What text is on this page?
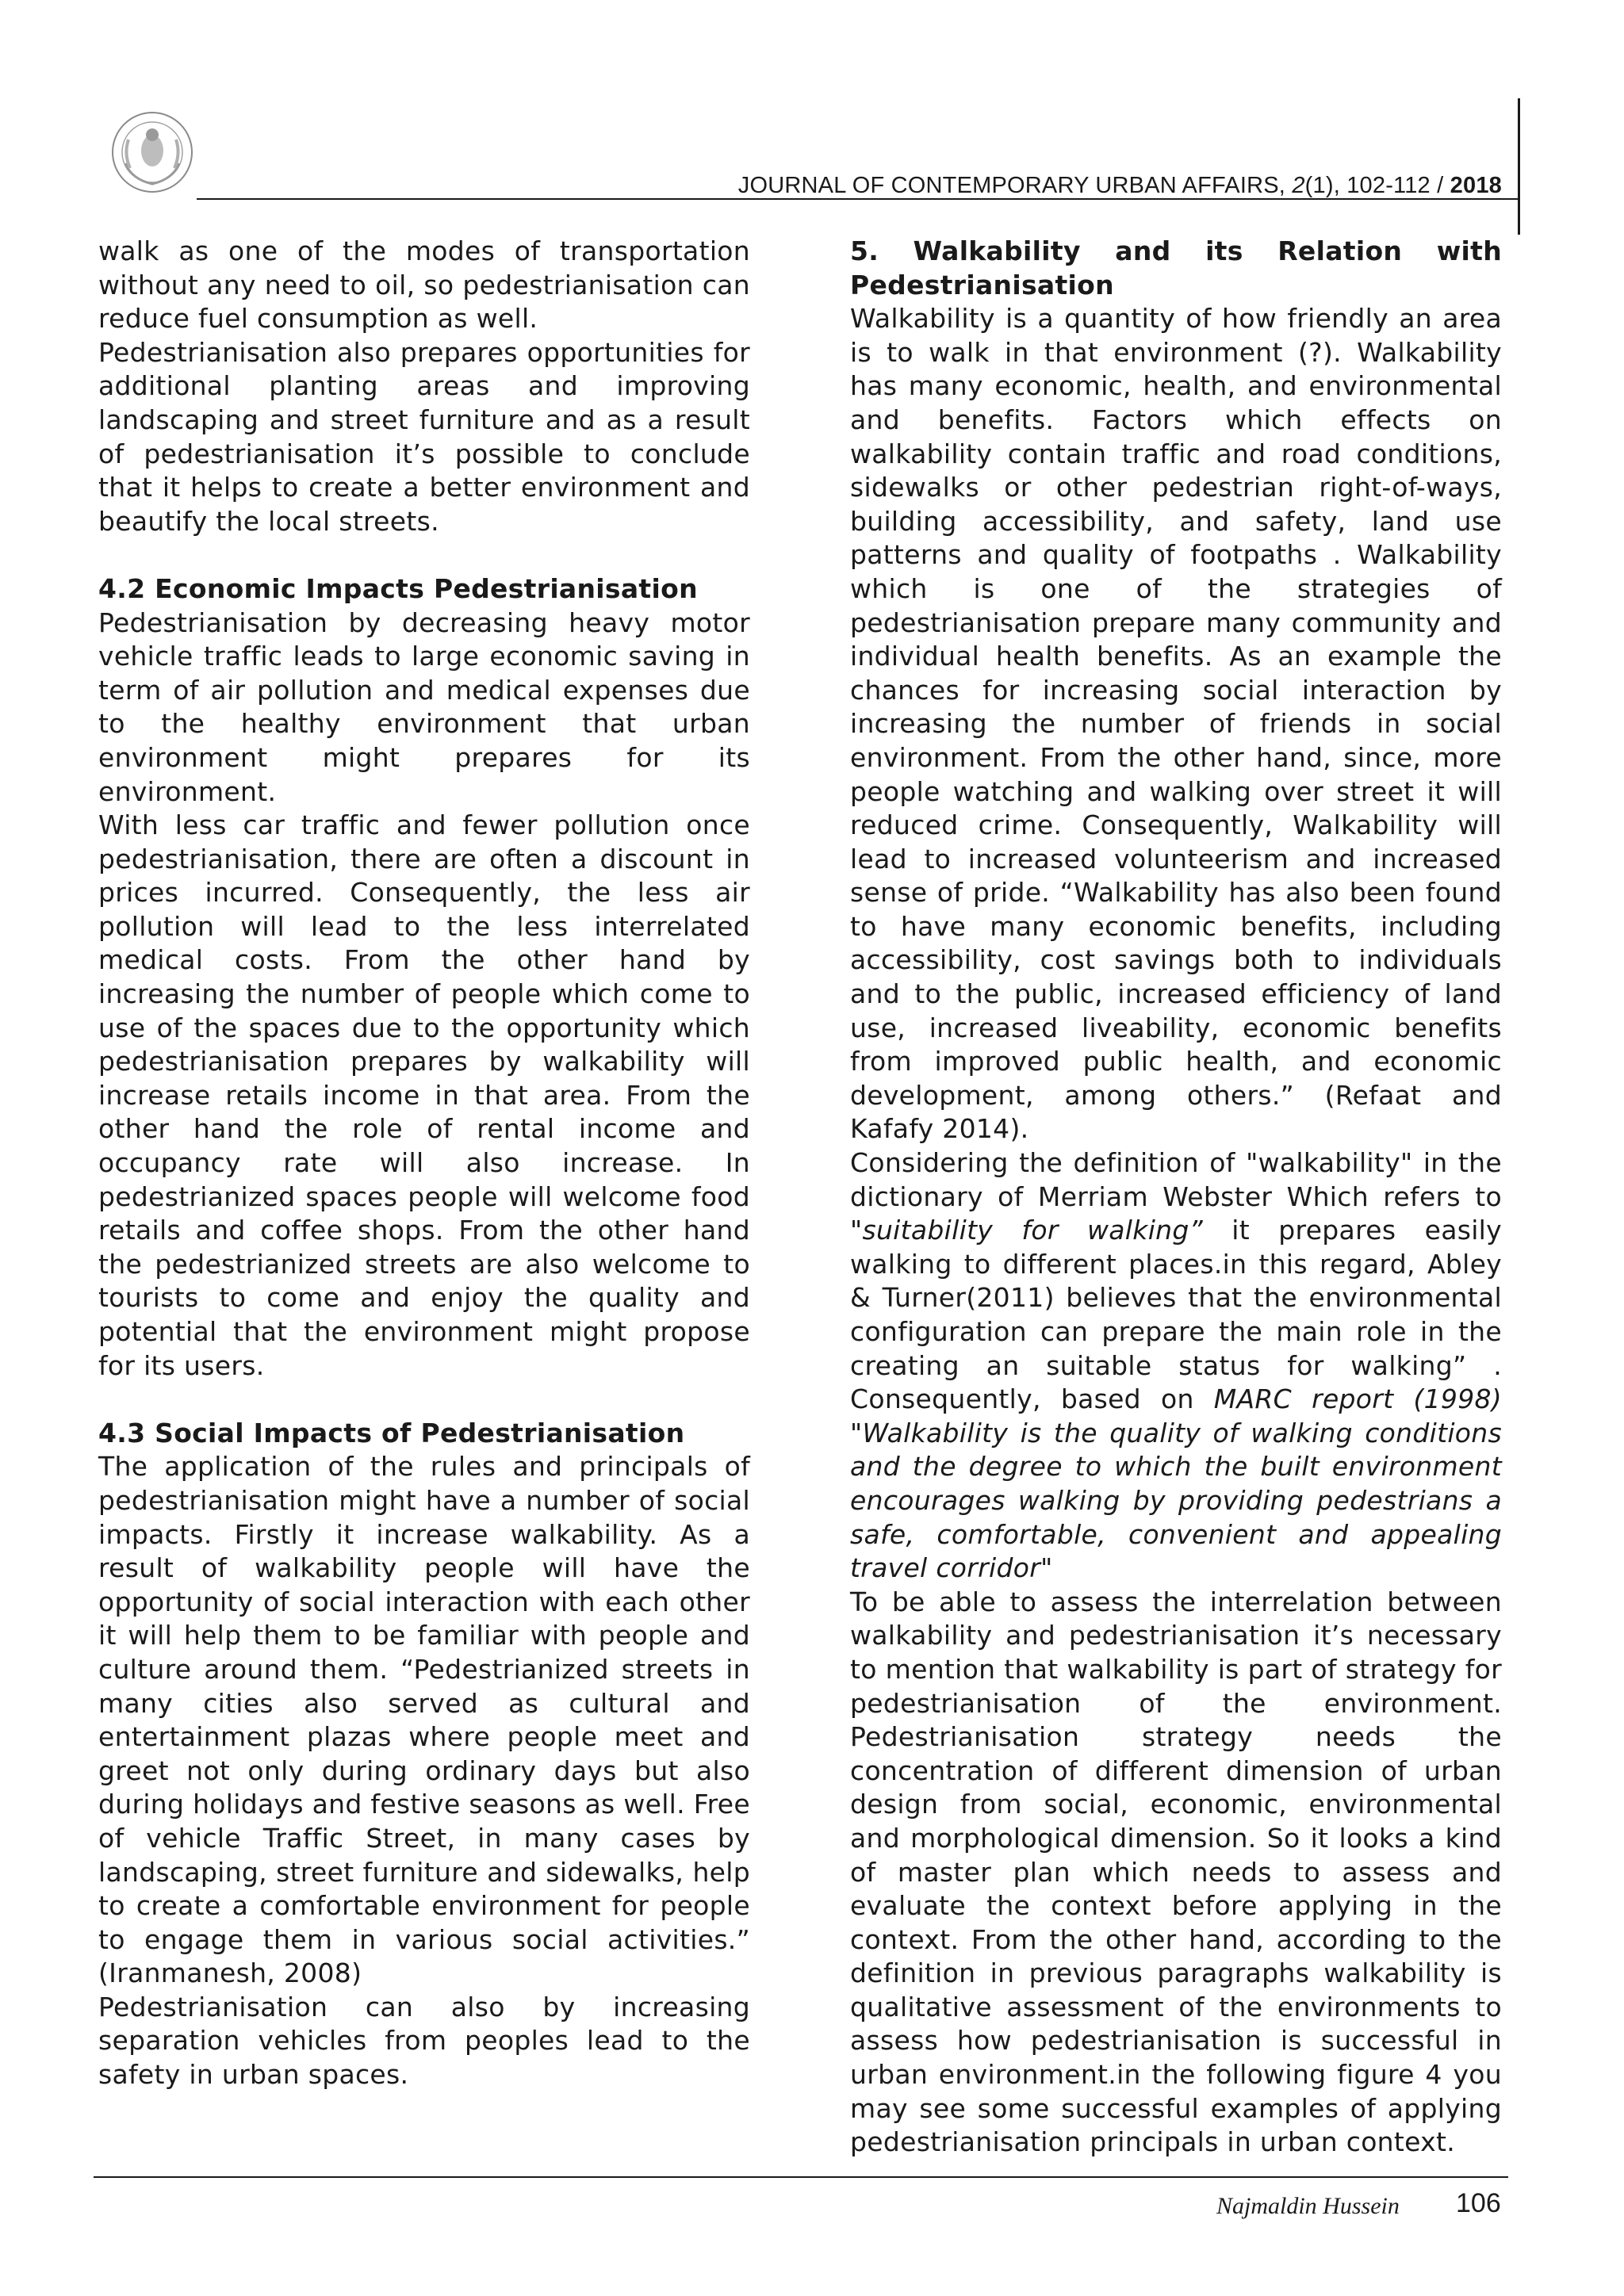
JOURNAL OF CONTEMPORARY URBAN AFFAIRS, 2(1), 102-112 / 2018

walk as one of the modes of transportation without any need to oil, so pedestrianisation can reduce fuel consumption as well.

Pedestrianisation also prepares opportunities for additional planting areas and improving landscaping and street furniture and as a result of pedestrianisation it’s possible to conclude that it helps to create a better environment and beautify the local streets.

4.2 Economic Impacts Pedestrianisation

Pedestrianisation by decreasing heavy motor vehicle traffic leads to large economic saving in term of air pollution and medical expenses due to the healthy environment that urban environment might prepares for its environment.

With less car traffic and fewer pollution once pedestrianisation, there are often a discount in prices incurred. Consequently, the less air pollution will lead to the less interrelated medical costs. From the other hand by increasing the number of people which come to use of the spaces due to the opportunity which pedestrianisation prepares by walkability will increase retails income in that area. From the other hand the role of rental income and occupancy rate will also increase. In pedestrianized spaces people will welcome food retails and coffee shops. From the other hand the pedestrianized streets are also welcome to tourists to come and enjoy the quality and potential that the environment might propose for its users.

4.3 Social Impacts of Pedestrianisation

The application of the rules and principals of pedestrianisation might have a number of social impacts. Firstly it increase walkability. As a result of walkability people will have the opportunity of social interaction with each other it will help them to be familiar with people and culture around them. “Pedestrianized streets in many cities also served as cultural and entertainment plazas where people meet and greet not only during ordinary days but also during holidays and festive seasons as well. Free of vehicle Traffic Street, in many cases by landscaping, street furniture and sidewalks, help to create a comfortable environment for people to engage them in various social activities.” (Iranmanesh, 2008)

Pedestrianisation can also by increasing separation vehicles from peoples lead to the safety in urban spaces.

5. Walkability and its Relation with Pedestrianisation

Walkability is a quantity of how friendly an area is to walk in that environment (?). Walkability has many economic, health, and environmental and benefits. Factors which effects on walkability contain traffic and road conditions, sidewalks or other pedestrian right-of-ways, building accessibility, and safety, land use patterns and quality of footpaths . Walkability which is one of the strategies of pedestrianisation prepare many community and individual health benefits. As an example the chances for increasing social interaction by increasing the number of friends in social environment. From the other hand, since, more people watching and walking over street it will reduced crime. Consequently, Walkability will lead to increased volunteerism and increased sense of pride. “Walkability has also been found to have many economic benefits, including accessibility, cost savings both to individuals and to the public, increased efficiency of land use, increased liveability, economic benefits from improved public health, and economic development, among others.” (Refaat and Kafafy 2014).

Considering the definition of "walkability" in the dictionary of Merriam Webster Which refers to "suitability for walking” it prepares easily walking to different places.in this regard, Abley & Turner(2011) believes that the environmental configuration can prepare the main role in the creating an suitable status for walking” . Consequently, based on MARC report (1998) "Walkability is the quality of walking conditions and the degree to which the built environment encourages walking by providing pedestrians a safe, comfortable, convenient and appealing travel corridor"

To be able to assess the interrelation between walkability and pedestrianisation it’s necessary to mention that walkability is part of strategy for pedestrianisation of the environment. Pedestrianisation strategy needs the concentration of different dimension of urban design from social, economic, environmental and morphological dimension. So it looks a kind of master plan which needs to assess and evaluate the context before applying in the context. From the other hand, according to the definition in previous paragraphs walkability is qualitative assessment of the environments to assess how pedestrianisation is successful in urban environment.in the following figure 4 you may see some successful examples of applying pedestrianisation principals in urban context.

Najmaldin Hussein 106
